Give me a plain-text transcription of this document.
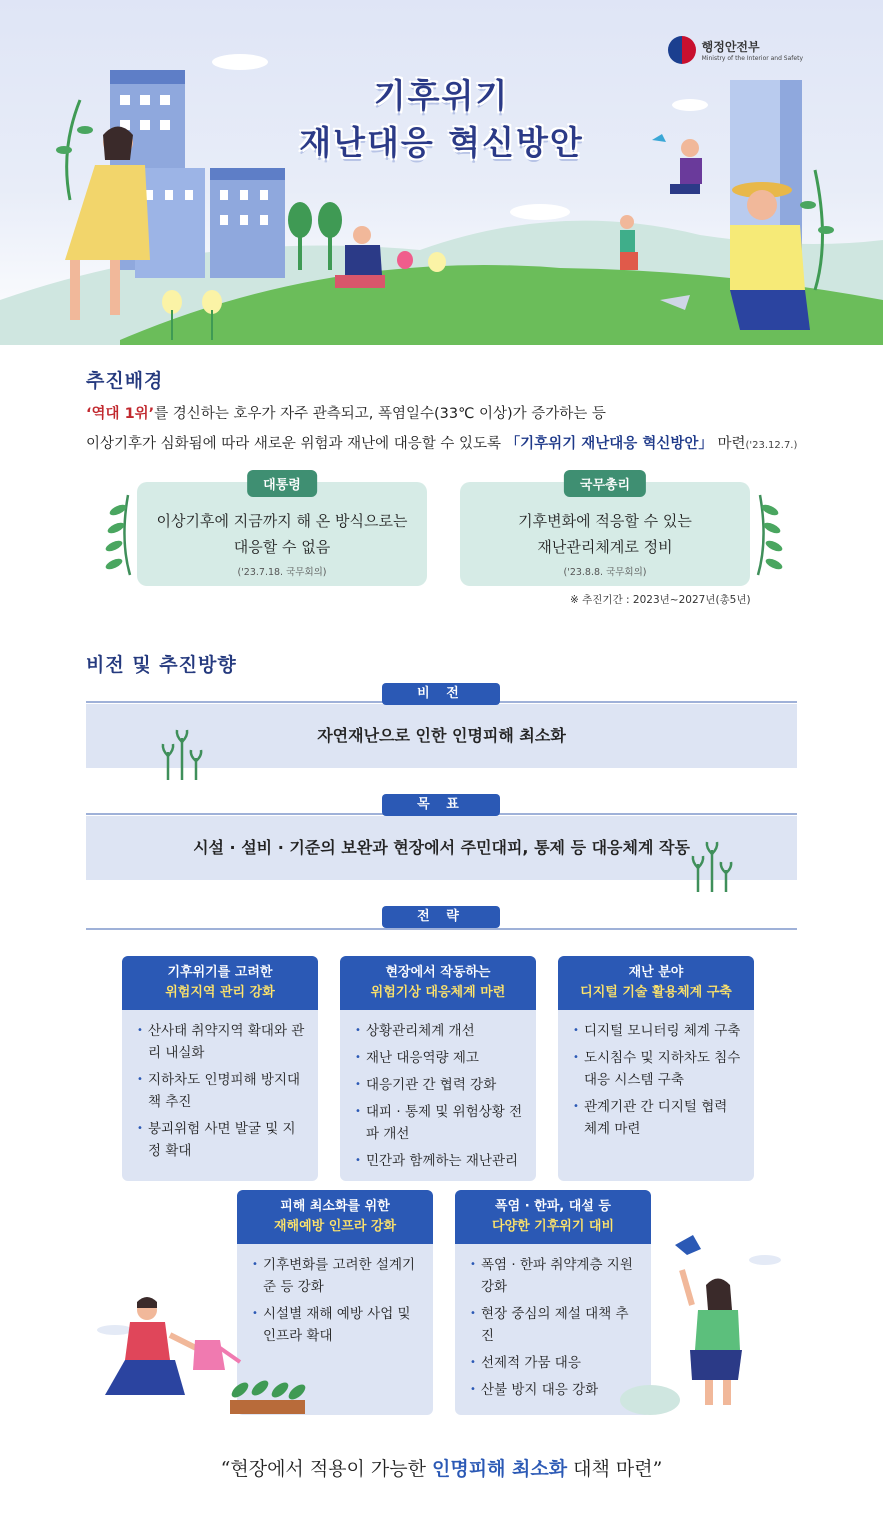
행정안전부
Ministry of the Interior and Safety
기후위기
재난대응 혁신방안
추진배경
‘역대 1위’를 경신하는 호우가 자주 관측되고, 폭염일수(33℃ 이상)가 증가하는 등
이상기후가 심화됨에 따라 새로운 위험과 재난에 대응할 수 있도록 「기후위기 재난대응 혁신방안」 마련('23.12.7.)
대통령
이상기후에 지금까지 해 온 방식으로는
대응할 수 없음
('23.7.18. 국무회의)
국무총리
기후변화에 적응할 수 있는
재난관리체계로 정비
('23.8.8. 국무회의)
※ 추진기간 : 2023년~2027년(총5년)
비전 및 추진방향
자연재난으로 인한 인명피해 최소화
비 전
시설 · 설비 · 기준의 보완과 현장에서 주민대피, 통제 등 대응체계 작동
목 표
전 략
기후위기를 고려한
위험지역 관리 강화
• 산사태 취약지역 확대와 관리 내실화
• 지하차도 인명피해 방지대책 추진
• 붕괴위험 사면 발굴 및 지정 확대
현장에서 작동하는
위험기상 대응체계 마련
• 상황관리체계 개선
• 재난 대응역량 제고
• 대응기관 간 협력 강화
• 대피 · 통제 및 위험상황 전파 개선
• 민간과 함께하는 재난관리
재난 분야
디지털 기술 활용체계 구축
• 디지털 모니터링 체계 구축
• 도시침수 및 지하차도 침수 대응 시스템 구축
• 관계기관 간 디지털 협력 체계 마련
피해 최소화를 위한
재해예방 인프라 강화
• 기후변화를 고려한 설계기준 등 강화
• 시설별 재해 예방 사업 및 인프라 확대
폭염 · 한파, 대설 등
다양한 기후위기 대비
• 폭염 · 한파 취약계층 지원 강화
• 현장 중심의 제설 대책 추진
• 선제적 가뭄 대응
• 산불 방지 대응 강화
“현장에서 적용이 가능한 인명피해 최소화 대책 마련”
